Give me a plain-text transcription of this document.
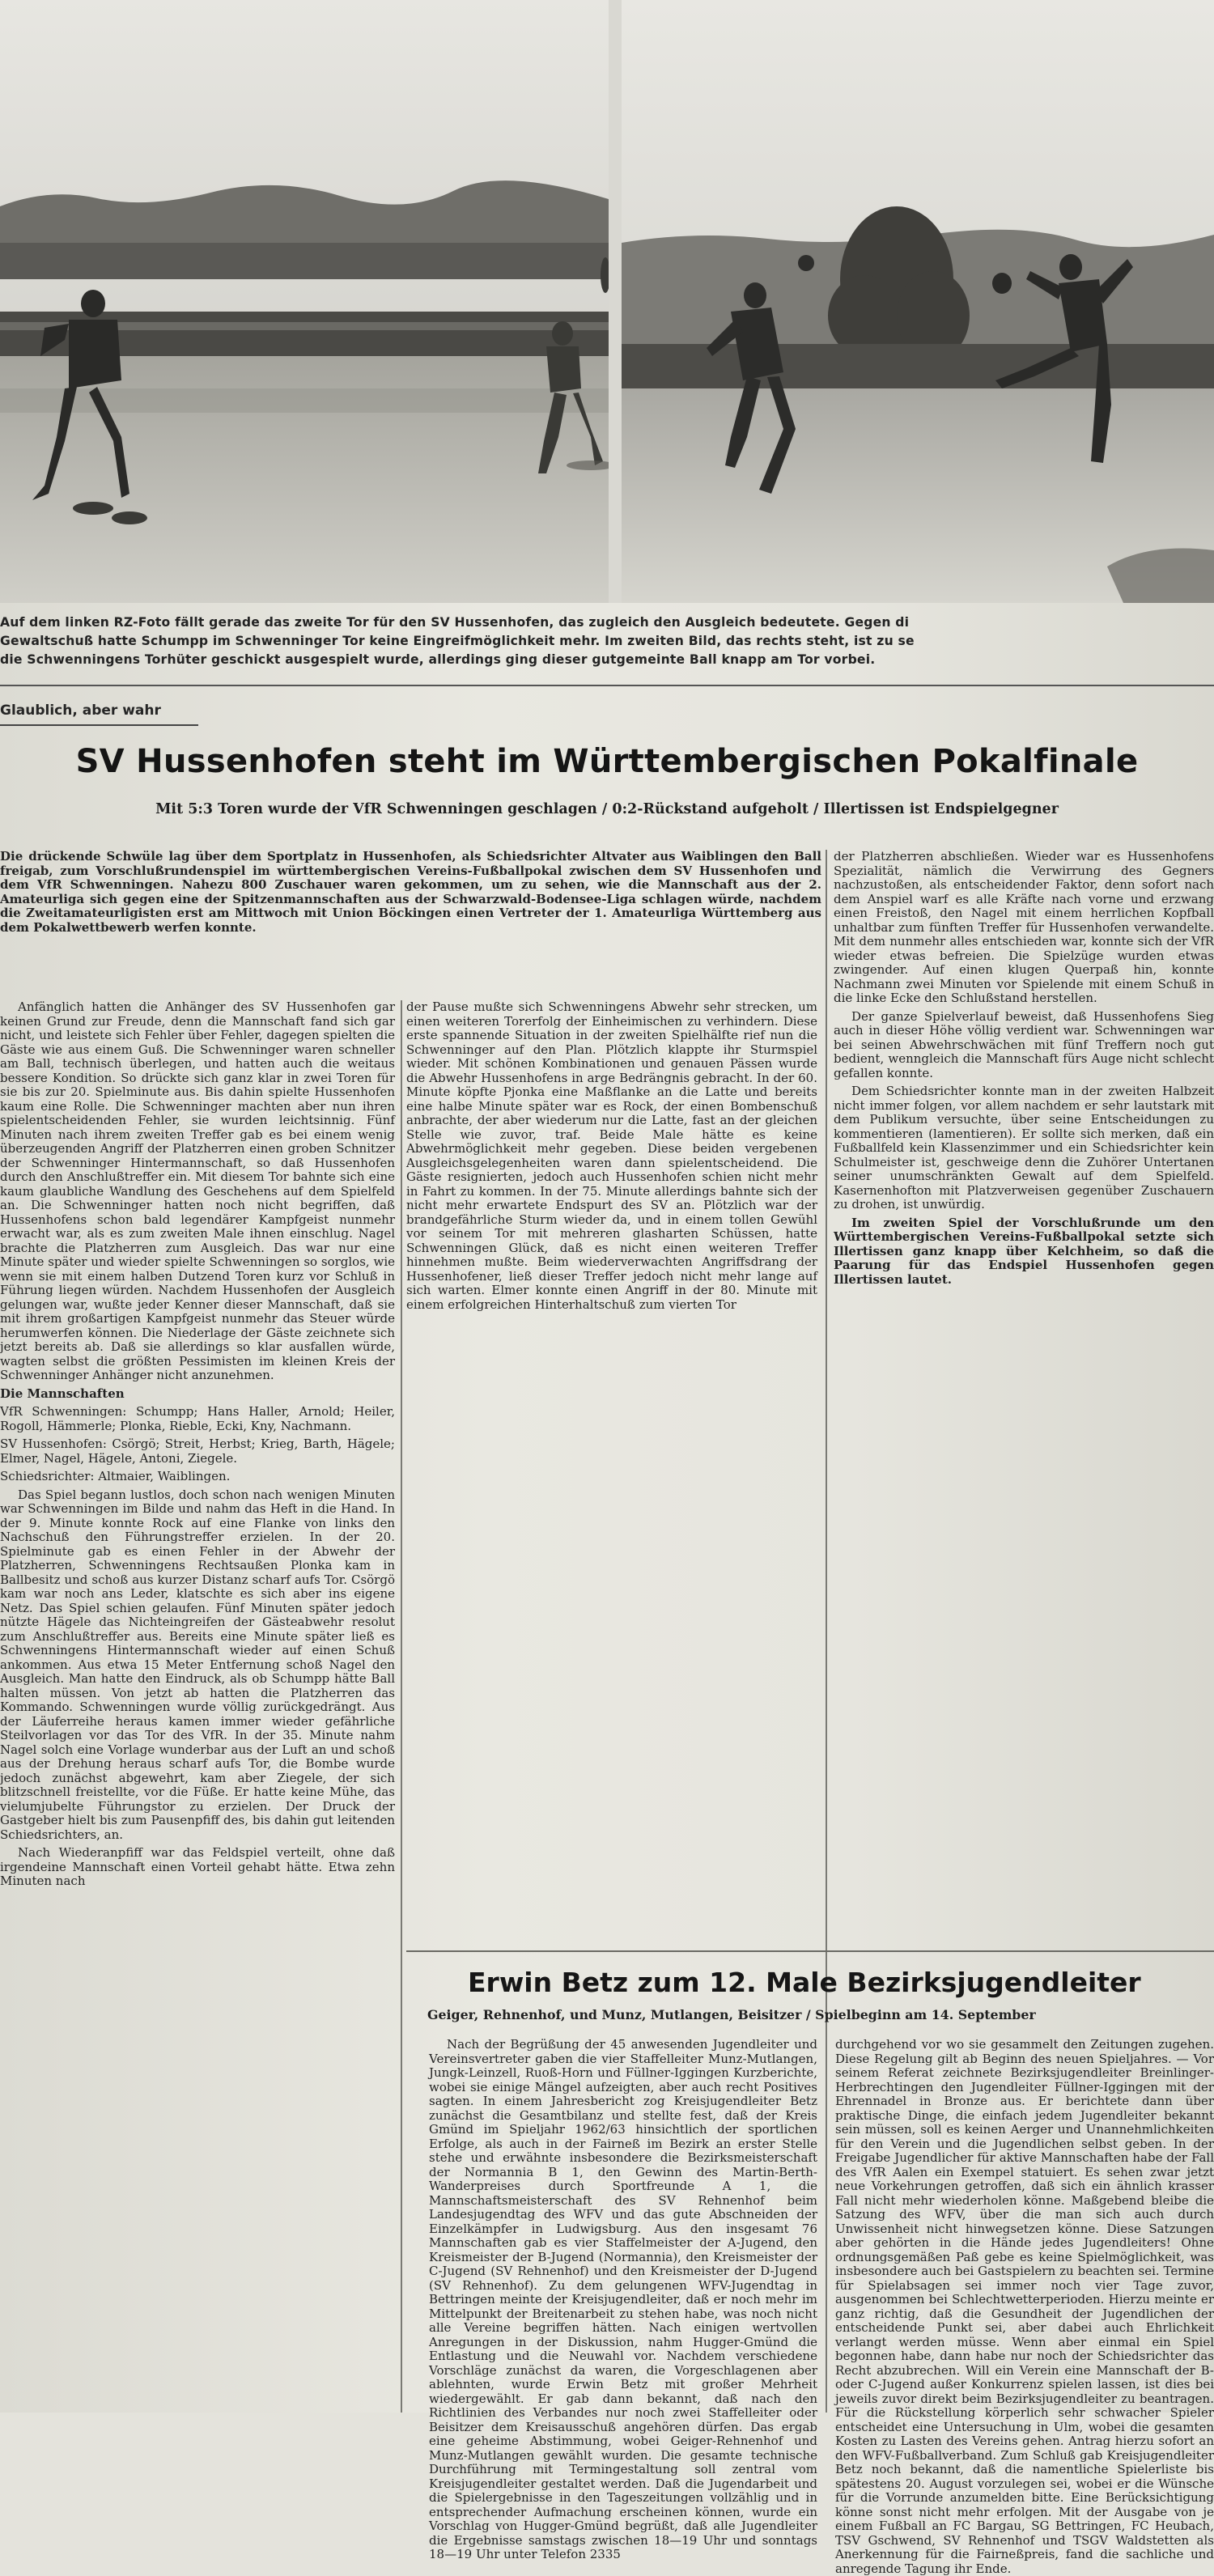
Auf dem linken RZ-Foto fällt gerade das zweite Tor für den SV Hussenhofen, das zugleich den Ausgleich bedeutete. Gegen di
Gewaltschuß hatte Schumpp im Schwenninger Tor keine Eingreifmöglichkeit mehr. Im zweiten Bild, das rechts steht, ist zu se
die Schwenningens Torhüter geschickt ausgespielt wurde, allerdings ging dieser gutgemeinte Ball knapp am Tor vorbei.
Glaublich, aber wahr
SV Hussenhofen steht im Württembergischen Pokalfinale
Mit 5:3 Toren wurde der VfR Schwenningen geschlagen / 0:2-Rückstand aufgeholt / Illertissen ist Endspielgegner

Die drückende Schwüle lag über dem Sportplatz in Hussenhofen, als Schiedsrichter Altvater aus Waiblingen den Ball freigab, zum Vorschlußrundenspiel im württembergischen Vereins-Fußballpokal zwischen dem SV Hussenhofen und dem VfR Schwenningen. Nahezu 800 Zuschauer waren gekommen, um zu sehen, wie die Mannschaft aus der 2. Amateurliga sich gegen eine der Spitzenmannschaften aus der Schwarzwald-Bodensee-Liga schlagen würde, nachdem die Zweitamateurligisten erst am Mittwoch mit Union Böckingen einen Vertreter der 1. Amateurliga Württemberg aus dem Pokalwettbewerb werfen konnte.

Anfänglich hatten die Anhänger des SV Hussenhofen gar keinen Grund zur Freude, denn die Mannschaft fand sich gar nicht, und leistete sich Fehler über Fehler, dagegen spielten die Gäste wie aus einem Guß. Die Schwenninger waren schneller am Ball, technisch überlegen, und hatten auch die weitaus bessere Kondition. So drückte sich ganz klar in zwei Toren für sie bis zur 20. Spielminute aus. Bis dahin spielte Hussenhofen kaum eine Rolle. Die Schwenninger machten aber nun ihren spielentscheidenden Fehler, sie wurden leichtsinnig. Fünf Minuten nach ihrem zweiten Treffer gab es bei einem wenig überzeugenden Angriff der Platzherren einen groben Schnitzer der Schwenninger Hintermannschaft, so daß Hussenhofen durch den Anschlußtreffer ein. Mit diesem Tor bahnte sich eine kaum glaubliche Wandlung des Geschehens auf dem Spielfeld an. Die Schwenninger hatten noch nicht begriffen, daß Hussenhofens schon bald legendärer Kampfgeist nunmehr erwacht war, als es zum zweiten Male ihnen einschlug. Nagel brachte die Platzherren zum Ausgleich. Das war nur eine Minute später und wieder spielte Schwenningen so sorglos, wie wenn sie mit einem halben Dutzend Toren kurz vor Schluß in Führung liegen würden. Nachdem Hussenhofen der Ausgleich gelungen war, wußte jeder Kenner dieser Mannschaft, daß sie mit ihrem großartigen Kampfgeist nunmehr das Steuer würde herumwerfen können. Die Niederlage der Gäste zeichnete sich jetzt bereits ab. Daß sie allerdings so klar ausfallen würde, wagten selbst die größten Pessimisten im kleinen Kreis der Schwenninger Anhänger nicht anzunehmen.

Die Mannschaften

VfR Schwenningen: Schumpp; Hans Haller, Arnold; Heiler, Rogoll, Hämmerle; Plonka, Rieble, Ecki, Kny, Nachmann.

SV Hussenhofen: Csörgö; Streit, Herbst; Krieg, Barth, Hägele; Elmer, Nagel, Hägele, Antoni, Ziegele.

Schiedsrichter: Altmaier, Waiblingen.

Das Spiel begann lustlos, doch schon nach wenigen Minuten war Schwenningen im Bilde und nahm das Heft in die Hand. In der 9. Minute konnte Rock auf eine Flanke von links den Nachschuß den Führungstreffer erzielen. In der 20. Spielminute gab es einen Fehler in der Abwehr der Platzherren, Schwenningens Rechtsaußen Plonka kam in Ballbesitz und schoß aus kurzer Distanz scharf aufs Tor. Csörgö kam war noch ans Leder, klatschte es sich aber ins eigene Netz. Das Spiel schien gelaufen. Fünf Minuten später jedoch nützte Hägele das Nichteingreifen der Gästeabwehr resolut zum Anschlußtreffer aus. Bereits eine Minute später ließ es Schwenningens Hintermannschaft wieder auf einen Schuß ankommen. Aus etwa 15 Meter Entfernung schoß Nagel den Ausgleich. Man hatte den Eindruck, als ob Schumpp hätte Ball halten müssen. Von jetzt ab hatten die Platzherren das Kommando. Schwenningen wurde völlig zurückgedrängt. Aus der Läuferreihe heraus kamen immer wieder gefährliche Steilvorlagen vor das Tor des VfR. In der 35. Minute nahm Nagel solch eine Vorlage wunderbar aus der Luft an und schoß aus der Drehung heraus scharf aufs Tor, die Bombe wurde jedoch zunächst abgewehrt, kam aber Ziegele, der sich blitzschnell freistellte, vor die Füße. Er hatte keine Mühe, das vielumjubelte Führungstor zu erzielen. Der Druck der Gastgeber hielt bis zum Pausenpfiff des, bis dahin gut leitenden Schiedsrichters, an.

Nach Wiederanpfiff war das Feldspiel verteilt, ohne daß irgendeine Mannschaft einen Vorteil gehabt hätte. Etwa zehn Minuten nach

der Pause mußte sich Schwenningens Abwehr sehr strecken, um einen weiteren Torerfolg der Einheimischen zu verhindern. Diese erste spannende Situation in der zweiten Spielhälfte rief nun die Schwenninger auf den Plan. Plötzlich klappte ihr Sturmspiel wieder. Mit schönen Kombinationen und genauen Pässen wurde die Abwehr Hussenhofens in arge Bedrängnis gebracht. In der 60. Minute köpfte Pjonka eine Maßflanke an die Latte und bereits eine halbe Minute später war es Rock, der einen Bombenschuß anbrachte, der aber wiederum nur die Latte, fast an der gleichen Stelle wie zuvor, traf. Beide Male hätte es keine Abwehrmöglichkeit mehr gegeben. Diese beiden vergebenen Ausgleichsgelegenheiten waren dann spielentscheidend. Die Gäste resignierten, jedoch auch Hussenhofen schien nicht mehr in Fahrt zu kommen. In der 75. Minute allerdings bahnte sich der nicht mehr erwartete Endspurt des SV an. Plötzlich war der brandgefährliche Sturm wieder da, und in einem tollen Gewühl vor seinem Tor mit mehreren glasharten Schüssen, hatte Schwenningen Glück, daß es nicht einen weiteren Treffer hinnehmen mußte. Beim wiederverwachten Angriffsdrang der Hussenhofener, ließ dieser Treffer jedoch nicht mehr lange auf sich warten. Elmer konnte einen Angriff in der 80. Minute mit einem erfolgreichen Hinterhaltschuß zum vierten Tor

der Platzherren abschließen. Wieder war es Hussenhofens Spezialität, nämlich die Verwirrung des Gegners nachzustoßen, als entscheidender Faktor, denn sofort nach dem Anspiel warf es alle Kräfte nach vorne und erzwang einen Freistoß, den Nagel mit einem herrlichen Kopfball unhaltbar zum fünften Treffer für Hussenhofen verwandelte. Mit dem nunmehr alles entschieden war, konnte sich der VfR wieder etwas befreien. Die Spielzüge wurden etwas zwingender. Auf einen klugen Querpaß hin, konnte Nachmann zwei Minuten vor Spielende mit einem Schuß in die linke Ecke den Schlußstand herstellen.

Der ganze Spielverlauf beweist, daß Hussenhofens Sieg auch in dieser Höhe völlig verdient war. Schwenningen war bei seinen Abwehrschwächen mit fünf Treffern noch gut bedient, wenngleich die Mannschaft fürs Auge nicht schlecht gefallen konnte.

Dem Schiedsrichter konnte man in der zweiten Halbzeit nicht immer folgen, vor allem nachdem er sehr lautstark mit dem Publikum versuchte, über seine Entscheidungen zu kommentieren (lamentieren). Er sollte sich merken, daß ein Fußballfeld kein Klassenzimmer und ein Schiedsrichter kein Schulmeister ist, geschweige denn die Zuhörer Untertanen seiner unumschränkten Gewalt auf dem Spielfeld. Kasernenhofton mit Platzverweisen gegenüber Zuschauern zu drohen, ist unwürdig.

Im zweiten Spiel der Vorschlußrunde um den Württembergischen Vereins-Fußballpokal setzte sich Illertissen ganz knapp über Kelchheim, so daß die Paarung für das Endspiel Hussenhofen gegen Illertissen lautet.

Erwin Betz zum 12. Male Bezirksjugendleiter
Geiger, Rehnenhof, und Munz, Mutlangen, Beisitzer / Spielbeginn am 14. September

Nach der Begrüßung der 45 anwesenden Jugendleiter und Vereinsvertreter gaben die vier Staffelleiter Munz-Mutlangen, Jungk-Leinzell, Ruoß-Horn und Füllner-Iggingen Kurzberichte, wobei sie einige Mängel aufzeigten, aber auch recht Positives sagten. In einem Jahresbericht zog Kreisjugendleiter Betz zunächst die Gesamtbilanz und stellte fest, daß der Kreis Gmünd im Spieljahr 1962/63 hinsichtlich der sportlichen Erfolge, als auch in der Fairneß im Bezirk an erster Stelle stehe und erwähnte insbesondere die Bezirksmeisterschaft der Normannia B 1, den Gewinn des Martin-Berth-Wanderpreises durch Sportfreunde A 1, die Mannschaftsmeisterschaft des SV Rehnenhof beim Landesjugendtag des WFV und das gute Abschneiden der Einzelkämpfer in Ludwigsburg. Aus den insgesamt 76 Mannschaften gab es vier Staffelmeister der A-Jugend, den Kreismeister der B-Jugend (Normannia), den Kreismeister der C-Jugend (SV Rehnenhof) und den Kreismeister der D-Jugend (SV Rehnenhof). Zu dem gelungenen WFV-Jugendtag in Bettringen meinte der Kreisjugendleiter, daß er noch mehr im Mittelpunkt der Breitenarbeit zu stehen habe, was noch nicht alle Vereine begriffen hätten. Nach einigen wertvollen Anregungen in der Diskussion, nahm Hugger-Gmünd die Entlastung und die Neuwahl vor. Nachdem verschiedene Vorschläge zunächst da waren, die Vorgeschlagenen aber ablehnten, wurde Erwin Betz mit großer Mehrheit wiedergewählt. Er gab dann bekannt, daß nach den Richtlinien des Verbandes nur noch zwei Staffelleiter oder Beisitzer dem Kreisausschuß angehören dürfen. Das ergab eine geheime Abstimmung, wobei Geiger-Rehnenhof und Munz-Mutlangen gewählt wurden. Die gesamte technische Durchführung mit Termingestaltung soll zentral vom Kreisjugendleiter gestaltet werden. Daß die Jugendarbeit und die Spielergebnisse in den Tageszeitungen vollzählig und in entsprechender Aufmachung erscheinen können, wurde ein Vorschlag von Hugger-Gmünd begrüßt, daß alle Jugendleiter die Ergebnisse samstags zwischen 18—19 Uhr und sonntags 18—19 Uhr unter Telefon 2335

durchgehend vor wo sie gesammelt den Zeitungen zugehen. Diese Regelung gilt ab Beginn des neuen Spieljahres. — Vor seinem Referat zeichnete Bezirksjugendleiter Breinlinger-Herbrechtingen den Jugendleiter Füllner-Iggingen mit der Ehrennadel in Bronze aus. Er berichtete dann über praktische Dinge, die einfach jedem Jugendleiter bekannt sein müssen, soll es keinen Aerger und Unannehmlichkeiten für den Verein und die Jugendlichen selbst geben. In der Freigabe Jugendlicher für aktive Mannschaften habe der Fall des VfR Aalen ein Exempel statuiert. Es sehen zwar jetzt neue Vorkehrungen getroffen, daß sich ein ähnlich krasser Fall nicht mehr wiederholen könne. Maßgebend bleibe die Satzung des WFV, über die man sich auch durch Unwissenheit nicht hinwegsetzen könne. Diese Satzungen aber gehörten in die Hände jedes Jugendleiters! Ohne ordnungsgemäßen Paß gebe es keine Spielmöglichkeit, was insbesondere auch bei Gastspielern zu beachten sei. Termine für Spielabsagen sei immer noch vier Tage zuvor, ausgenommen bei Schlechtwetterperioden. Hierzu meinte er ganz richtig, daß die Gesundheit der Jugendlichen der entscheidende Punkt sei, aber dabei auch Ehrlichkeit verlangt werden müsse. Wenn aber einmal ein Spiel begonnen habe, dann habe nur noch der Schiedsrichter das Recht abzubrechen. Will ein Verein eine Mannschaft der B- oder C-Jugend außer Konkurrenz spielen lassen, ist dies bei jeweils zuvor direkt beim Bezirksjugendleiter zu beantragen. Für die Rückstellung körperlich sehr schwacher Spieler entscheidet eine Untersuchung in Ulm, wobei die gesamten Kosten zu Lasten des Vereins gehen. Antrag hierzu sofort an den WFV-Fußballverband. Zum Schluß gab Kreisjugendleiter Betz noch bekannt, daß die namentliche Spielerliste bis spätestens 20. August vorzulegen sei, wobei er die Wünsche für die Vorrunde anzumelden bitte. Eine Berücksichtigung könne sonst nicht mehr erfolgen. Mit der Ausgabe von je einem Fußball an FC Bargau, SG Bettringen, FC Heubach, TSV Gschwend, SV Rehnenhof und TSGV Waldstetten als Anerkennung für die Fairneßpreis, fand die sachliche und anregende Tagung ihr Ende.
